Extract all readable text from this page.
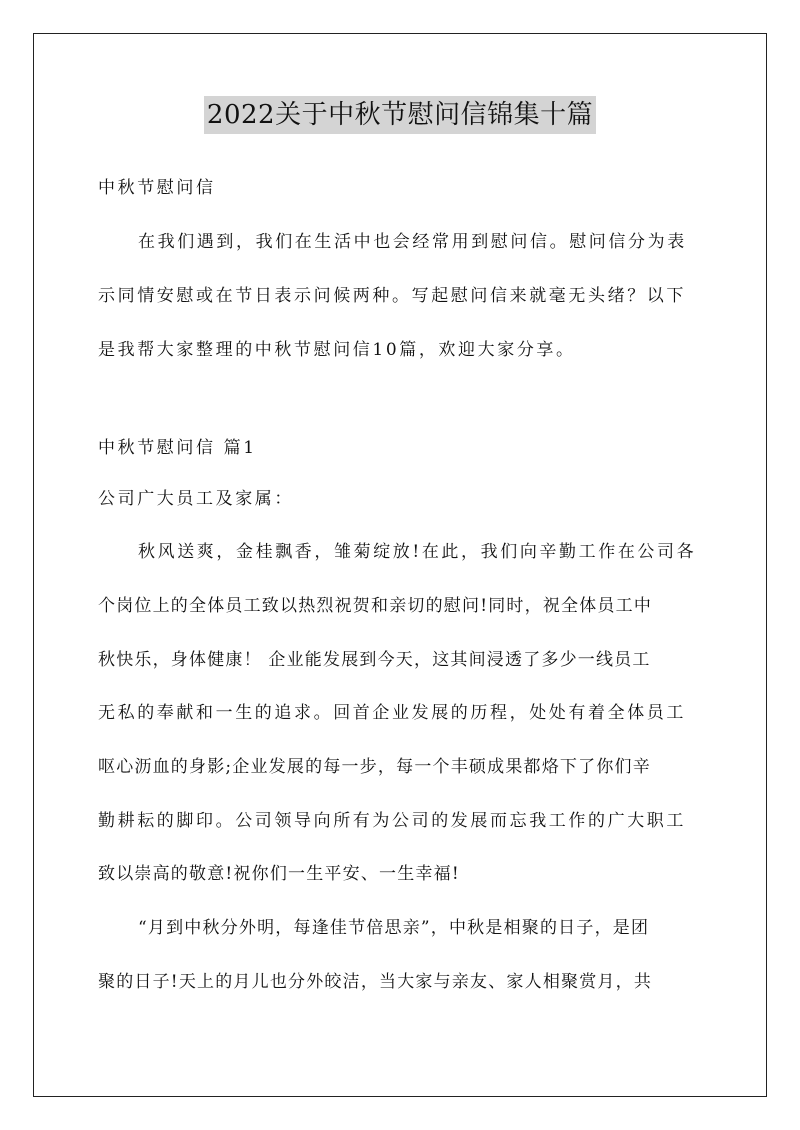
2022关于中秋节慰问信锦集十篇
中秋节慰问信
在我们遇到，我们在生活中也会经常用到慰问信。慰问信分为表
示同情安慰或在节日表示问候两种。写起慰问信来就毫无头绪？以下
是我帮大家整理的中秋节慰问信10篇，欢迎大家分享。
中秋节慰问信 篇1
公司广大员工及家属：
秋风送爽，金桂飘香，雏菊绽放!在此，我们向辛勤工作在公司各
个岗位上的全体员工致以热烈祝贺和亲切的慰问!同时，祝全体员工中
秋快乐，身体健康！ 企业能发展到今天，这其间浸透了多少一线员工
无私的奉献和一生的追求。回首企业发展的历程，处处有着全体员工
呕心沥血的身影;企业发展的每一步，每一个丰硕成果都烙下了你们辛
勤耕耘的脚印。公司领导向所有为公司的发展而忘我工作的广大职工
致以崇高的敬意!祝你们一生平安、一生幸福!
“月到中秋分外明，每逢佳节倍思亲”，中秋是相聚的日子，是团
聚的日子!天上的月儿也分外皎洁，当大家与亲友、家人相聚赏月，共
